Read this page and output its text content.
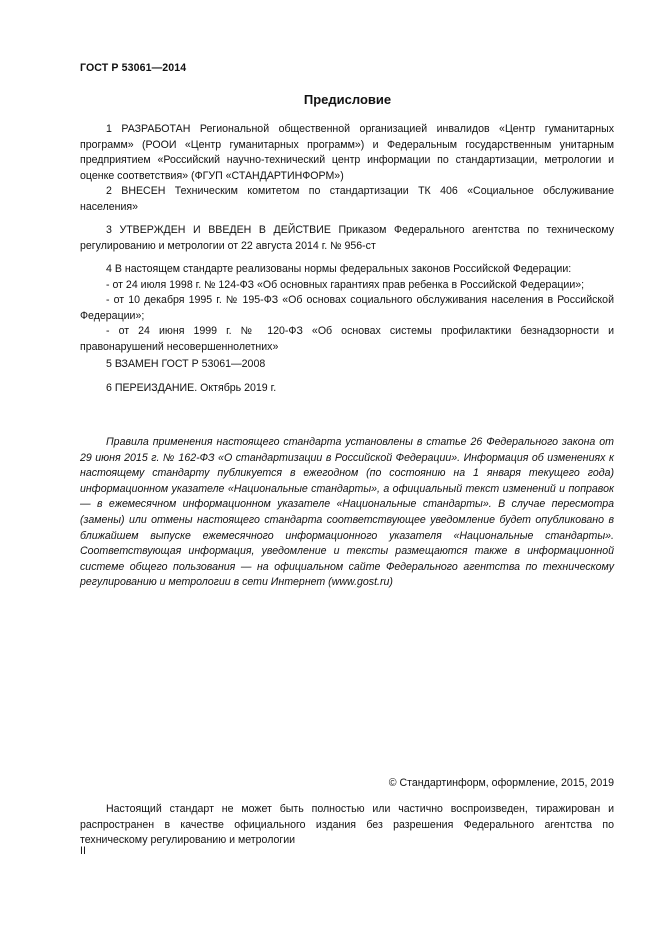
ГОСТ Р 53061—2014
Предисловие

1 РАЗРАБОТАН Региональной общественной организацией инвалидов «Центр гуманитарных программ» (РООИ «Центр гуманитарных программ») и Федеральным государственным унитарным предприятием «Российский научно-технический центр информации по стандартизации, метрологии и оценке соответствия» (ФГУП «СТАНДАРТИНФОРМ»)

2 ВНЕСЕН Техническим комитетом по стандартизации ТК 406 «Социальное обслуживание населения»

3 УТВЕРЖДЕН И ВВЕДЕН В ДЕЙСТВИЕ Приказом Федерального агентства по техническому регулированию и метрологии от 22 августа 2014 г. № 956-ст

4 В настоящем стандарте реализованы нормы федеральных законов Российской Федерации:
- от 24 июля 1998 г. № 124-ФЗ «Об основных гарантиях прав ребенка в Российской Федерации»;
- от 10 декабря 1995 г. № 195-ФЗ «Об основах социального обслуживания населения в Российской Федерации»;
- от 24 июня 1999 г. № 120-ФЗ «Об основах системы профилактики безнадзорности и правонарушений несовершеннолетних»

5 ВЗАМЕН ГОСТ Р 53061—2008

6 ПЕРЕИЗДАНИЕ. Октябрь 2019 г.

Правила применения настоящего стандарта установлены в статье 26 Федерального закона от 29 июня 2015 г. № 162-ФЗ «О стандартизации в Российской Федерации». Информация об изменениях к настоящему стандарту публикуется в ежегодном (по состоянию на 1 января текущего года) информационном указателе «Национальные стандарты», а официальный текст изменений и поправок — в ежемесячном информационном указателе «Национальные стандарты». В случае пересмотра (замены) или отмены настоящего стандарта соответствующее уведомление будет опубликовано в ближайшем выпуске ежемесячного информационного указателя «Национальные стандарты». Соответствующая информация, уведомление и тексты размещаются также в информационной системе общего пользования — на официальном сайте Федерального агентства по техническому регулированию и метрологии в сети Интернет (www.gost.ru)

© Стандартинформ, оформление, 2015, 2019

Настоящий стандарт не может быть полностью или частично воспроизведен, тиражирован и распространен в качестве официального издания без разрешения Федерального агентства по техническому регулированию и метрологии

II
